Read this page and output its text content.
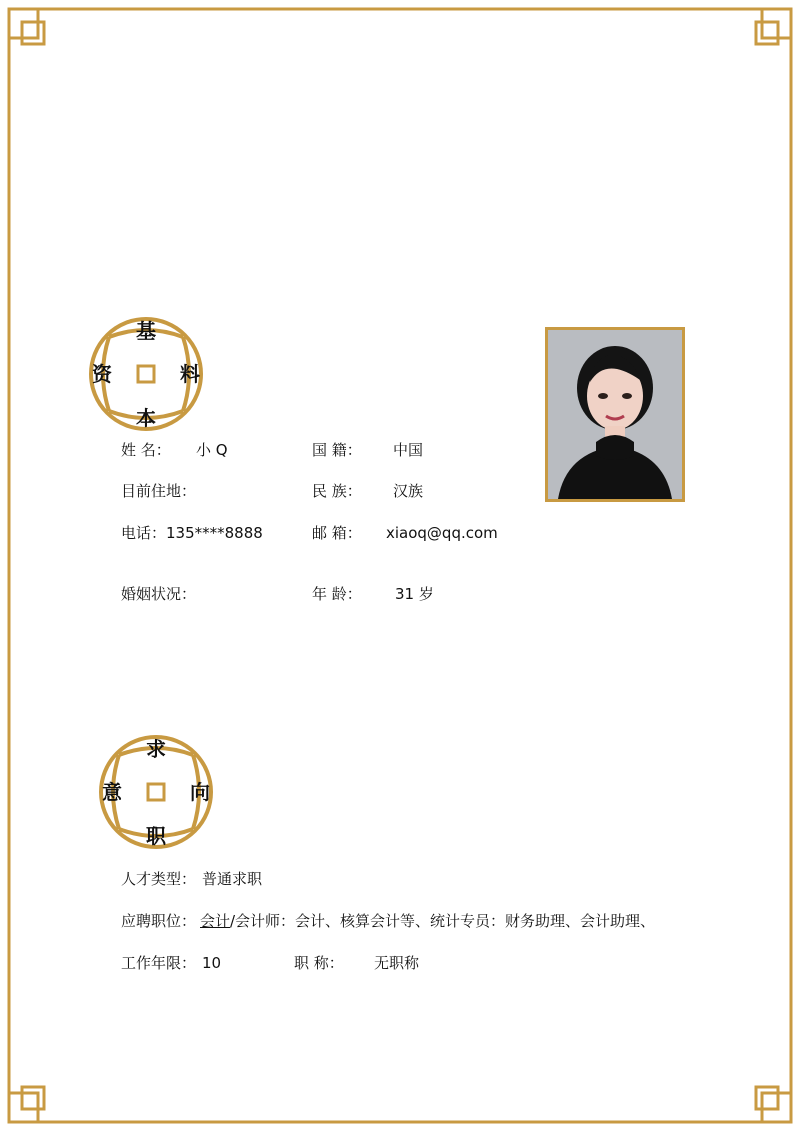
基
资	料
本
姓 名： 小 Q	国 籍： 中国
目前住地：	民 族： 汉族
电话： 135****8888	邮 箱： xiaoq@qq.com
婚姻状况：	年 龄： 31 岁
求
意	向
职
人才类型： 普通求职
应聘职位： 会计 /会计师：会计、核算会计等、统计专员：财务助理、会计助理、
工作年限： 10	职 称： 无职称
